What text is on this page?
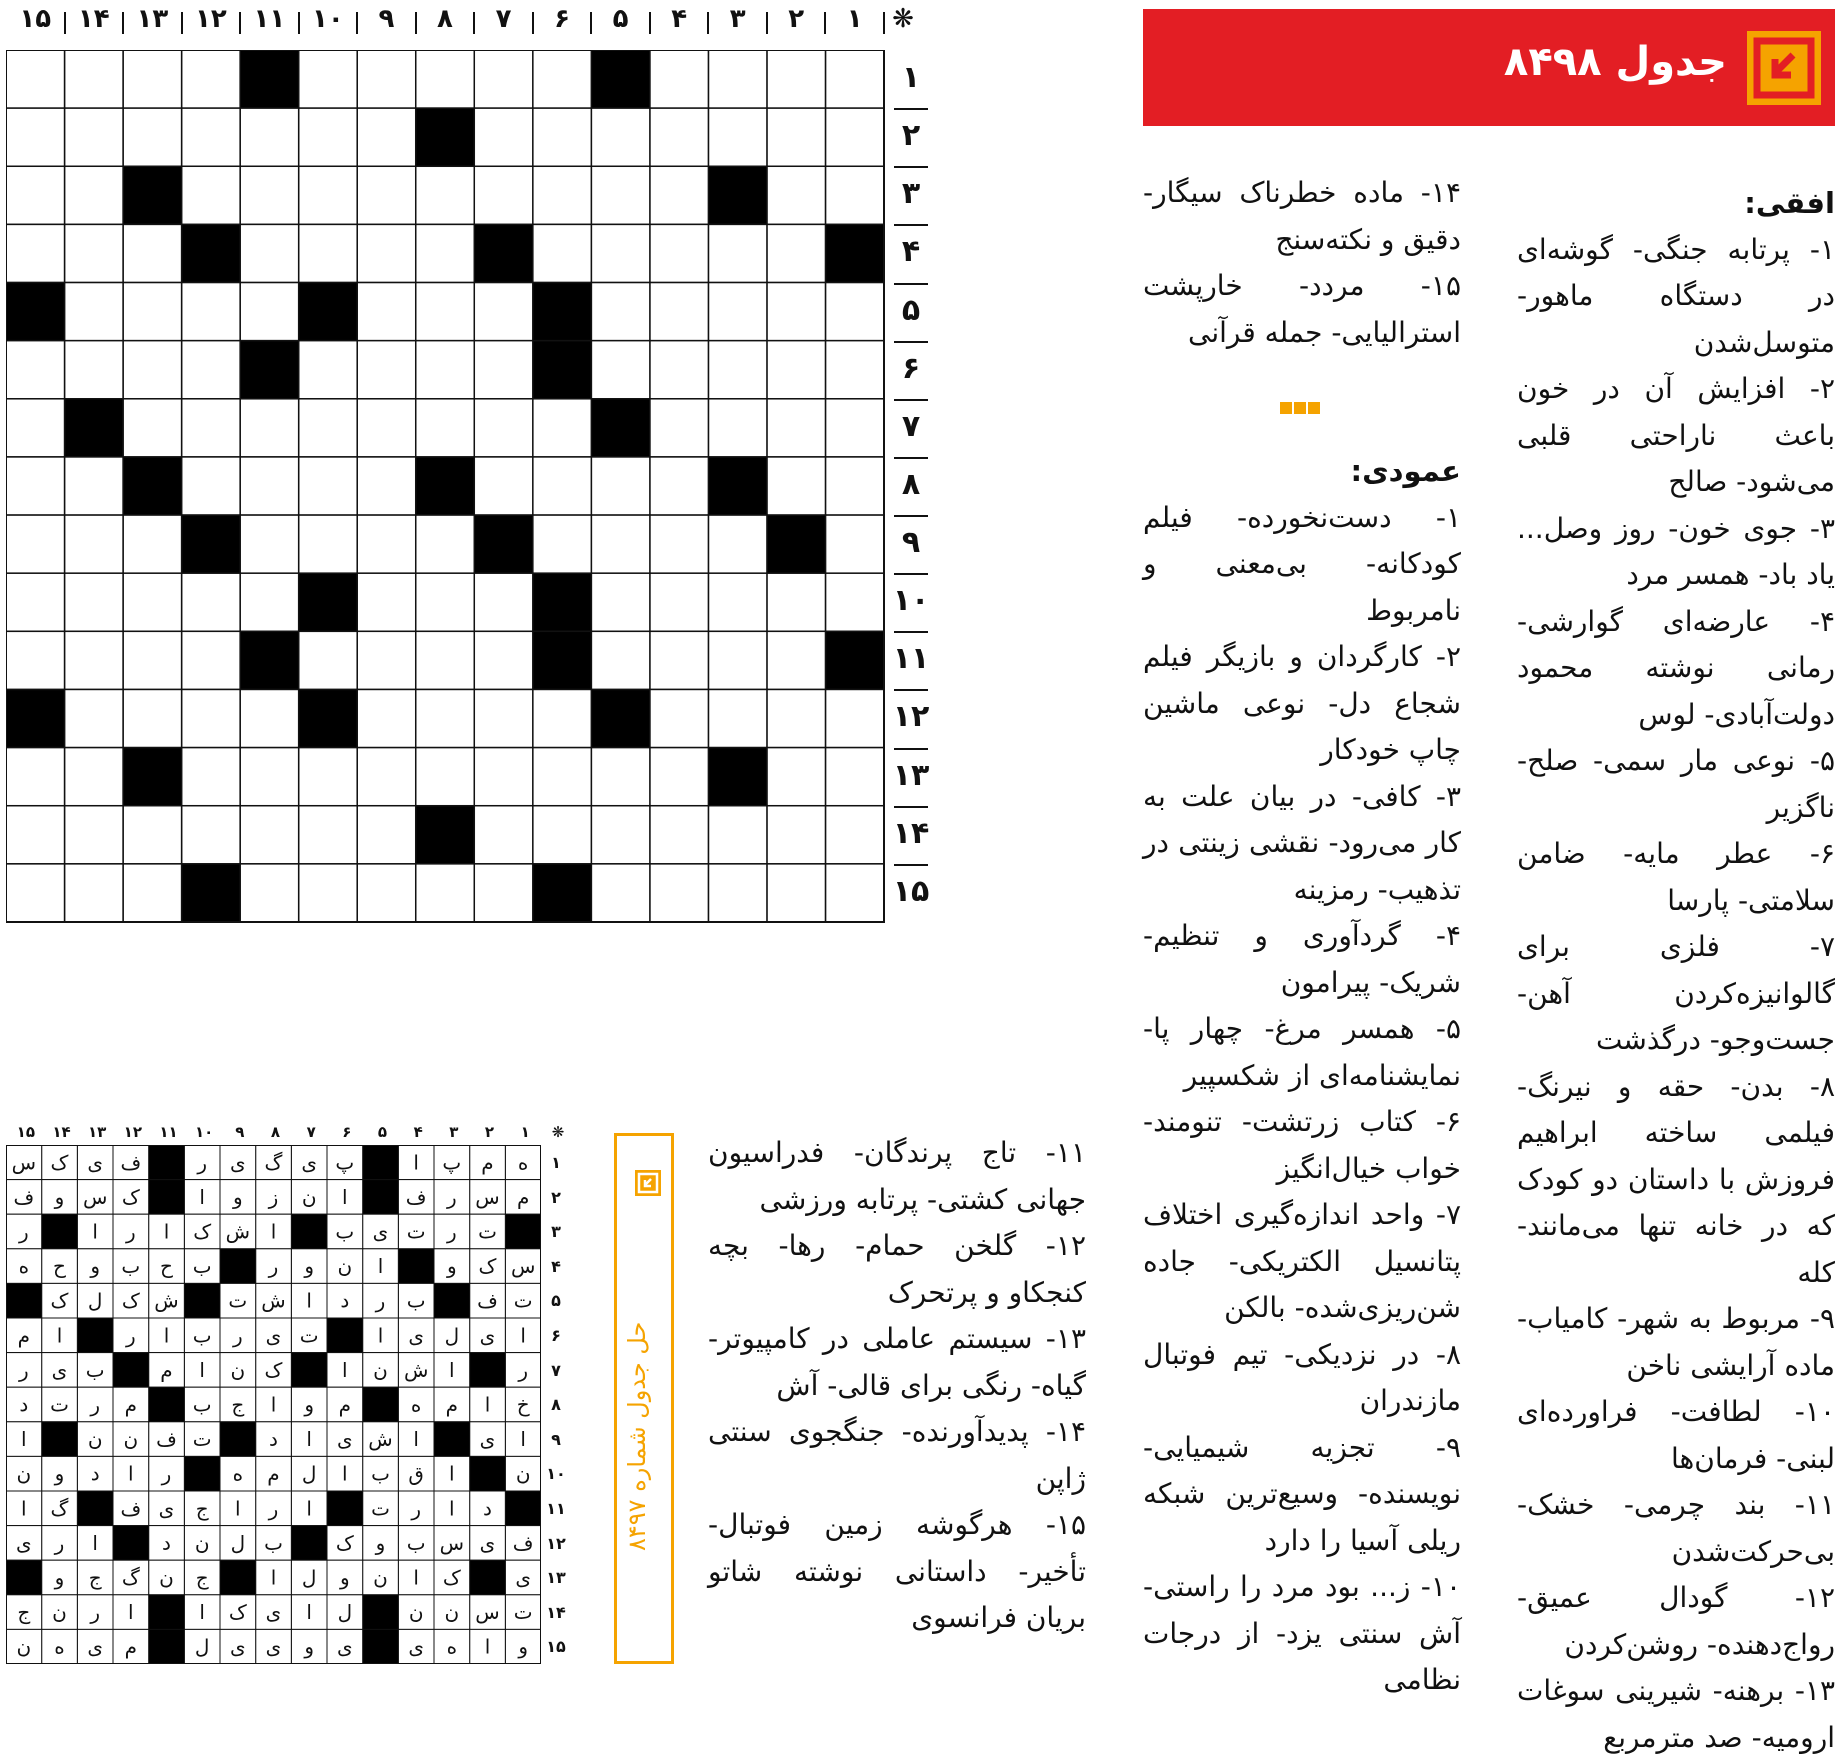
❋
۱
۲
۳
۴
۵
۶
۷
۸
۹
۱۰
۱۱
۱۲
۱۳
۱۴
۱۵
۱
۲
۳
۴
۵
۶
۷
۸
۹
۱۰
۱۱
۱۲
۱۳
۱۴
۱۵
جدول ۸۴۹۸
افقی:

۱- پرتابه جنگی- گوشه‌ای در دستگاه ماهور- متوسل‌شدن

۲- افزایش آن در خون باعث ناراحتی قلبی می‌شود- صالح

۳- جوی خون- روز وصل... یاد باد- همسر مرد

۴- عارضه‌ای گوارشی- رمانی نوشته محمود دولت‌آبادی- لوس

۵- نوعی مار سمی- صلح- ناگزیر

۶- عطر مایه- ضامن سلامتی- پارسا

۷- فلزی برای گالوانیزه‌کردن آهن- جست‌وجو- درگذشت

۸- بدن- حقه و نیرنگ- فیلمی ساخته ابراهیم فروزش با داستان دو کودک که در خانه تنها می‌مانند- کله

۹- مربوط به شهر- کامیاب- ماده آرایشی ناخن

۱۰- لطافت- فراورده‌ای لبنی- فرمان‌ها

۱۱- بند چرمی- خشک- بی‌حرکت‌شدن

۱۲- گودال عمیق- رواج‌دهنده- روشن‌کردن

۱۳- برهنه- شیرینی سوغات ارومیه- صد مترمربع

۱۴- ماده خطرناک سیگار- دقیق و نکته‌سنج

۱۵- مردد- خارپشت استرالیایی- جمله قرآنی

عمودی:

۱- دست‌نخورده- فیلم کودکانه- بی‌معنی و نامربوط

۲- کارگردان و بازیگر فیلم شجاع دل- نوعی ماشین چاپ خودکار

۳- کافی- در بیان علت به کار می‌رود- نقشی زینتی در تذهیب- رمزینه

۴- گردآوری و تنظیم- شریک- پیرامون

۵- همسر مرغ- چهار پا- نمایشنامه‌ای از شکسپیر

۶- کتاب زرتشت- تنومند- خواب خیال‌انگیز

۷- واحد اندازه‌گیری اختلاف پتانسیل الکتریکی- جاده شن‌ریزی‌شده- بالکن

۸- در نزدیکی- تیم فوتبال مازندران

۹- تجزیه شیمیایی- نویسنده- وسیع‌ترین شبکه ریلی آسیا را دارد

۱۰- ز... بود مرد را راستی- آش سنتی یزد- از درجات نظامی

۱۱- تاج پرندگان- فدراسیون جهانی کشتی- پرتابه ورزشی

۱۲- گلخن حمام- رها- بچه کنجکاو و پرتحرک

۱۳- سیستم عاملی در کامپیوتر- گیاه- رنگی برای قالی- آش

۱۴- پدیدآورنده- جنگجوی سنتی ژاپن

۱۵- هرگوشه زمین فوتبال- تأخیر- داستانی نوشته شاتو بریان فرانسوی

حل جدول شماره ۸۴۹۷
❋
۱
۲
۳
۴
۵
۶
۷
۸
۹
۱۰
۱۱
۱۲
۱۳
۱۴
۱۵
ه
م
پ
ا
پ
ی
گ
ی
ر
ف
ی
ک
س
م
س
ر
ف
ا
ن
ز
و
ا
ک
س
و
ف
ت
ر
ت
ی
ب
ا
ش
ک
ا
ر
ا
ر
س
ک
و
ا
ن
و
ر
ب
ح
ب
و
ح
ه
ت
ف
ب
ر
د
ا
ش
ت
ش
ک
ل
ک
ا
ی
ل
ی
ا
ت
ی
ر
ب
ا
ر
ا
م
ر
ا
ش
ن
ا
ک
ن
ا
م
ب
ی
ر
خ
ا
م
ه
م
و
ا
ج
ب
م
ر
ت
د
ا
ی
ا
ش
ی
ا
د
ت
ف
ن
ن
ا
ن
ا
ق
ب
ا
ل
م
ه
ر
ا
د
و
ن
د
ا
ر
ت
ا
ر
ا
ج
ی
ف
گ
ا
ف
ی
س
ب
و
ک
ب
ل
ن
د
ا
ر
ی
ی
ک
ا
ن
و
ل
ا
ج
ن
گ
ج
و
ت
س
ن
ن
ل
ا
ی
ک
ا
ا
ر
ن
ج
و
ا
ه
ی
ی
و
ی
ی
ل
م
ی
ه
ن
۱
۲
۳
۴
۵
۶
۷
۸
۹
۱۰
۱۱
۱۲
۱۳
۱۴
۱۵
